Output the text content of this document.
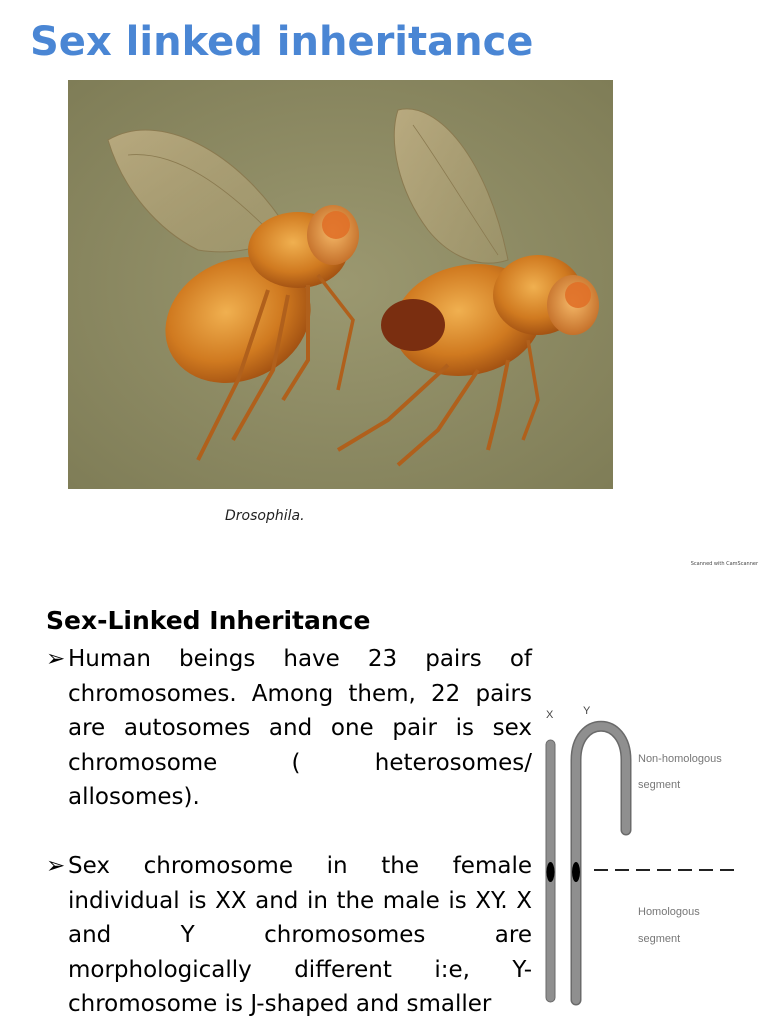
Sex linked inheritance
Drosophila.
Scanned with CamScanner
Sex-Linked Inheritance
➢ Human beings have 23 pairs of chromosomes. Among them, 22 pairs are autosomes and one pair is sex chromosome ( heterosomes/ allosomes).
➢ Sex chromosome in the female individual is XX and in the male is XY. X and Y chromosomes are morphologically different i:e, Y-chromosome is J-shaped and smaller
X	Y
Non-homologous
segment
Homologous
segment
